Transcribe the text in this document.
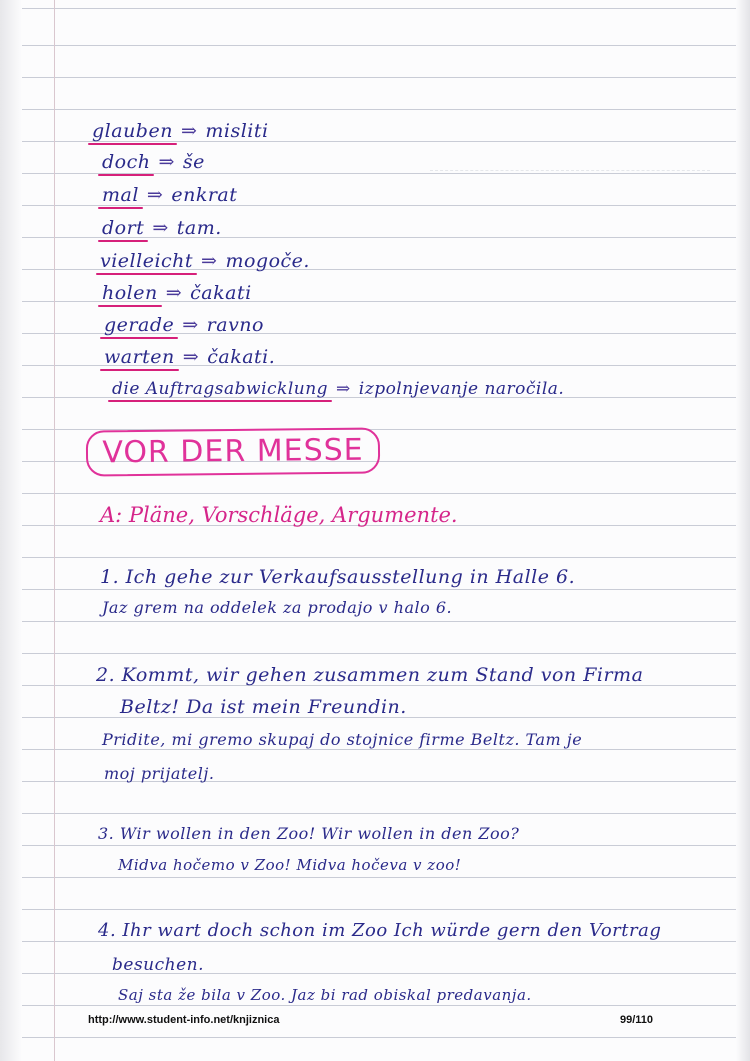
glauben ⇒ misliti
doch ⇒ še
mal ⇒ enkrat
dort ⇒ tam.
vielleicht ⇒ mogoče.
holen ⇒ čakati
gerade ⇒ ravno
warten ⇒ čakati.
die Auftragsabwicklung ⇒ izpolnjevanje naročila.
VOR DER MESSE
A: Pläne, Vorschläge, Argumente.
1. Ich gehe zur Verkaufsausstellung in Halle 6.
Jaz grem na oddelek za prodajo v halo 6.
2. Kommt, wir gehen zusammen zum Stand von Firma
Beltz! Da ist mein Freundin.
Pridite, mi gremo skupaj do stojnice firme Beltz. Tam je
moj prijatelj.
3. Wir wollen in den Zoo! Wir wollen in den Zoo?
Midva hočemo v Zoo! Midva hočeva v zoo!
4. Ihr wart doch schon im Zoo Ich würde gern den Vortrag
besuchen.
Saj sta že bila v Zoo. Jaz bi rad obiskal predavanja.
http://www.student-info.net/knjiznica	99/110
